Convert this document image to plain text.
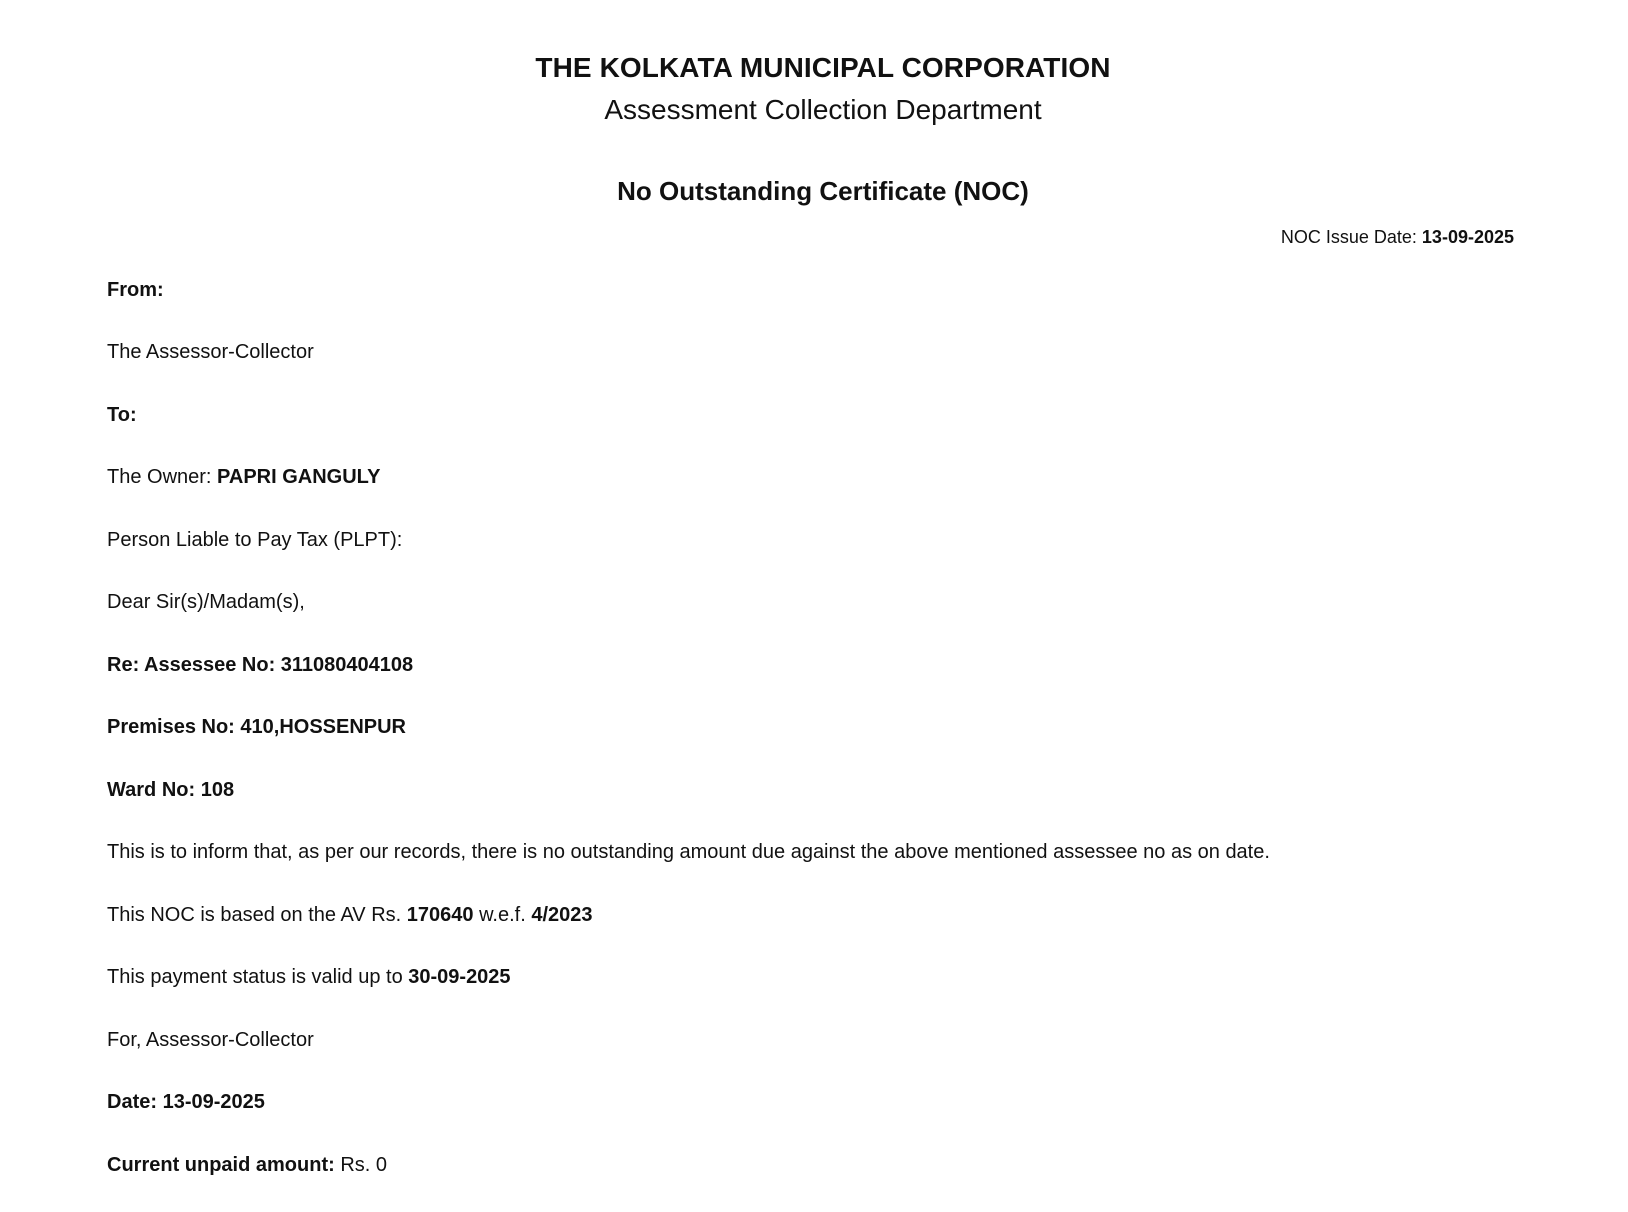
THE KOLKATA MUNICIPAL CORPORATION
Assessment Collection Department
No Outstanding Certificate (NOC)
NOC Issue Date: 13-09-2025
From:
The Assessor-Collector
To:
The Owner: PAPRI GANGULY
Person Liable to Pay Tax (PLPT):
Dear Sir(s)/Madam(s),
Re: Assessee No: 311080404108
Premises No: 410,HOSSENPUR
Ward No: 108
This is to inform that, as per our records, there is no outstanding amount due against the above mentioned assessee no as on date.
This NOC is based on the AV Rs. 170640 w.e.f. 4/2023
This payment status is valid up to 30-09-2025
For, Assessor-Collector
Date: 13-09-2025
Current unpaid amount: Rs. 0
